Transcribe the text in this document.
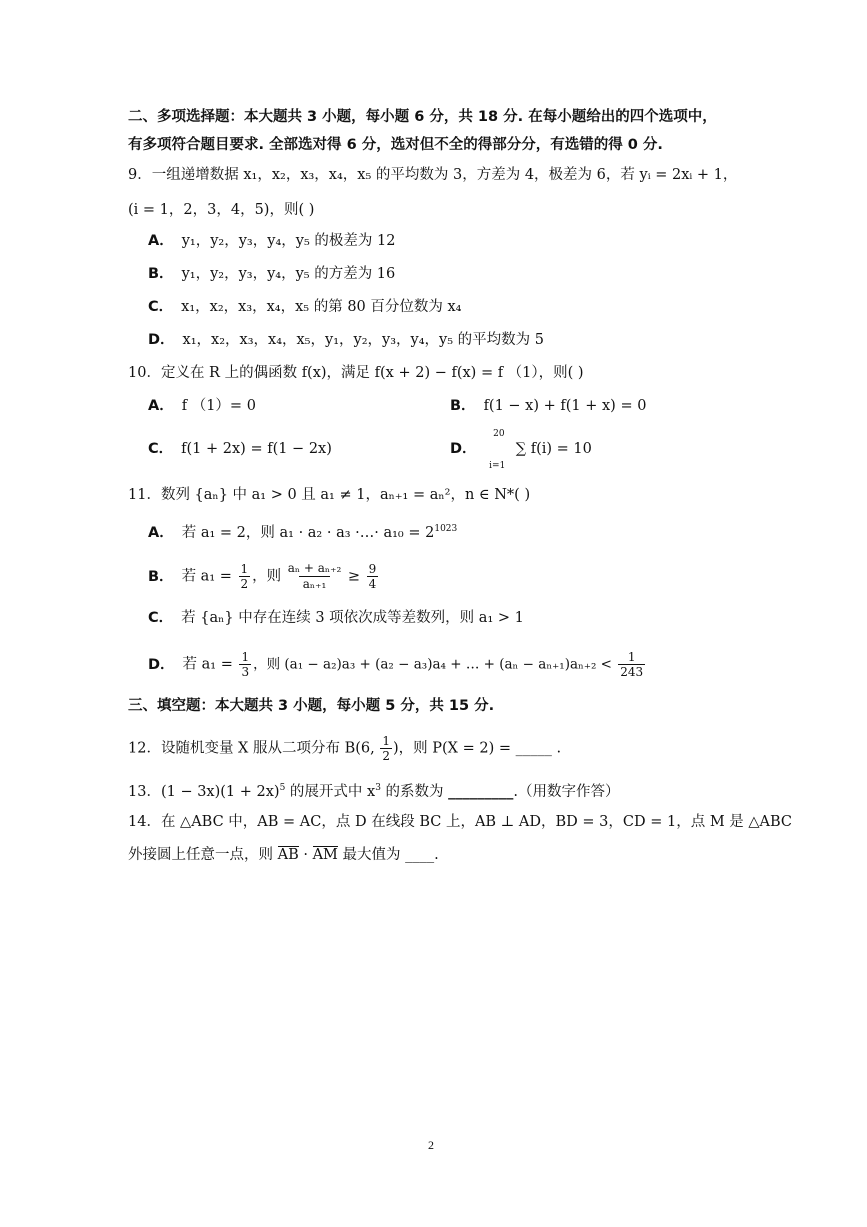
二、多项选择题：本大题共 3 小题，每小题 6 分，共 18 分. 在每小题给出的四个选项中，
有多项符合题目要求. 全部选对得 6 分，选对但不全的得部分分，有选错的得 0 分.
9．一组递增数据 x₁，x₂，x₃，x₄，x₅ 的平均数为 3，方差为 4，极差为 6，若 yᵢ = 2xᵢ + 1，
(i = 1，2，3，4，5)，则( )
A． y₁，y₂，y₃，y₄，y₅ 的极差为 12
B． y₁，y₂，y₃，y₄，y₅ 的方差为 16
C． x₁，x₂，x₃，x₄，x₅ 的第 80 百分位数为 x₄
D． x₁，x₂，x₃，x₄，x₅，y₁，y₂，y₃，y₄，y₅ 的平均数为 5
10．定义在 R 上的偶函数 f(x)，满足 f(x + 2) − f(x) = f （1），则( )
A． f （1）= 0	B． f(1 − x) + f(1 + x) = 0
C． f(1 + 2x) = f(1 − 2x)	D．
20
i=1
∑ f(i) = 10
11．数列 {aₙ} 中 a₁ > 0 且 a₁ ≠ 1，aₙ₊₁ = aₙ²，n ∈ N*( )
A． 若 a₁ = 2，则 a₁ · a₂ · a₃ ·…· $a_{10} = 2^{1023}$
B． 若 $a_1 = \frac{1}{2}$ ，则 $\frac{\text{aₙ + aₙ₊₂}}{\text{aₙ₊₁}} \ge \frac{9}{4}$
C． 若 {aₙ} 中存在连续 3 项依次成等差数列，则 a₁ > 1
D． 若 $a_1 = \frac{1}{3}$ ，则 (a₁ − a₂)a₃ + (a₂ − a₃)a₄ + … + $(a_n - a_{n+1})a_{n+2} < \frac{1}{243}$
三、填空题：本大题共 3 小题，每小题 5 分，共 15 分.
12．设随机变量 X 服从二项分布 B(6, $\frac{1}{2}$ )，则 P(X = 2) = _____ .
13．$(1 - 3x)(1 + 2x)^5$ 的展开式中 $x^3$ 的系数为 _________.（用数字作答）
14．在 △ABC 中，AB = AC，点 D 在线段 BC 上，AB ⊥ AD，BD = 3，CD = 1，点 M 是 △ABC
外接圆上任意一点，则
AB ·
AM 最大值为 ____.
2
